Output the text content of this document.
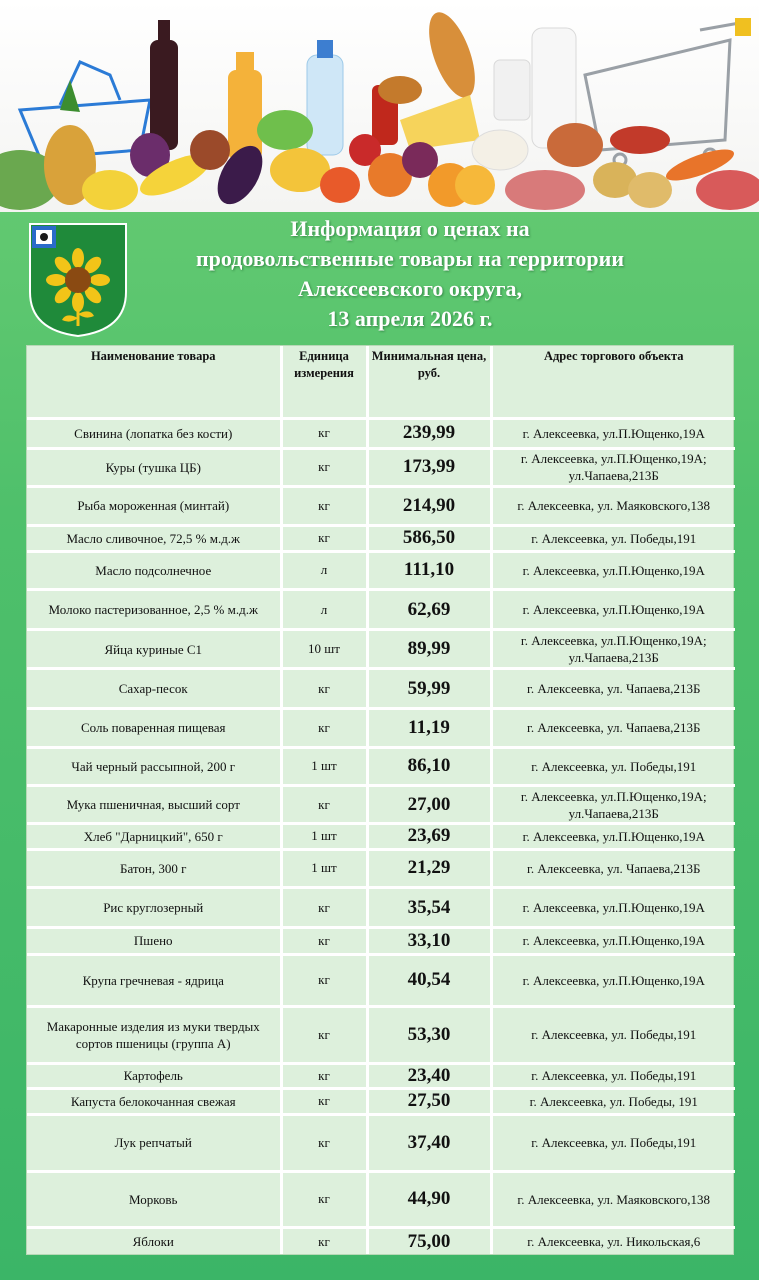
Информация о ценах на
продовольственные товары на территории
Алексеевского округа,
13 апреля 2026 г.
Наименование товара	Единица измерения	Минимальная цена, руб.	Адрес торгового объекта
Свинина (лопатка без кости)	кг	239,99	г. Алексеевка, ул.П.Ющенко,19А
Куры (тушка ЦБ)	кг	173,99	г. Алексеевка, ул.П.Ющенко,19А; ул.Чапаева,213Б
Рыба мороженная (минтай)	кг	214,90	г. Алексеевка, ул. Маяковского,138
Масло сливочное, 72,5 % м.д.ж	кг	586,50	г. Алексеевка, ул. Победы,191
Масло подсолнечное	л	111,10	г. Алексеевка, ул.П.Ющенко,19А
Молоко пастеризованное, 2,5 % м.д.ж	л	62,69	г. Алексеевка, ул.П.Ющенко,19А
Яйца куриные С1	10 шт	89,99	г. Алексеевка, ул.П.Ющенко,19А; ул.Чапаева,213Б
Сахар-песок	кг	59,99	г. Алексеевка, ул. Чапаева,213Б
Соль поваренная пищевая	кг	11,19	г. Алексеевка, ул. Чапаева,213Б
Чай черный рассыпной, 200 г	1 шт	86,10	г. Алексеевка, ул. Победы,191
Мука пшеничная, высший сорт	кг	27,00	г. Алексеевка, ул.П.Ющенко,19А; ул.Чапаева,213Б
Хлеб "Дарницкий", 650 г	1 шт	23,69	г. Алексеевка, ул.П.Ющенко,19А
Батон, 300 г	1 шт	21,29	г. Алексеевка, ул. Чапаева,213Б
Рис круглозерный	кг	35,54	г. Алексеевка, ул.П.Ющенко,19А
Пшено	кг	33,10	г. Алексеевка, ул.П.Ющенко,19А
Крупа гречневая - ядрица	кг	40,54	г. Алексеевка, ул.П.Ющенко,19А
Макаронные изделия из муки твердых сортов пшеницы (группа А)	кг	53,30	г. Алексеевка, ул. Победы,191
Картофель	кг	23,40	г. Алексеевка, ул. Победы,191
Капуста белокочанная свежая	кг	27,50	г. Алексеевка, ул. Победы, 191
Лук репчатый	кг	37,40	г. Алексеевка, ул. Победы,191
Морковь	кг	44,90	г. Алексеевка, ул. Маяковского,138
Яблоки	кг	75,00	г. Алексеевка, ул. Никольская,6
